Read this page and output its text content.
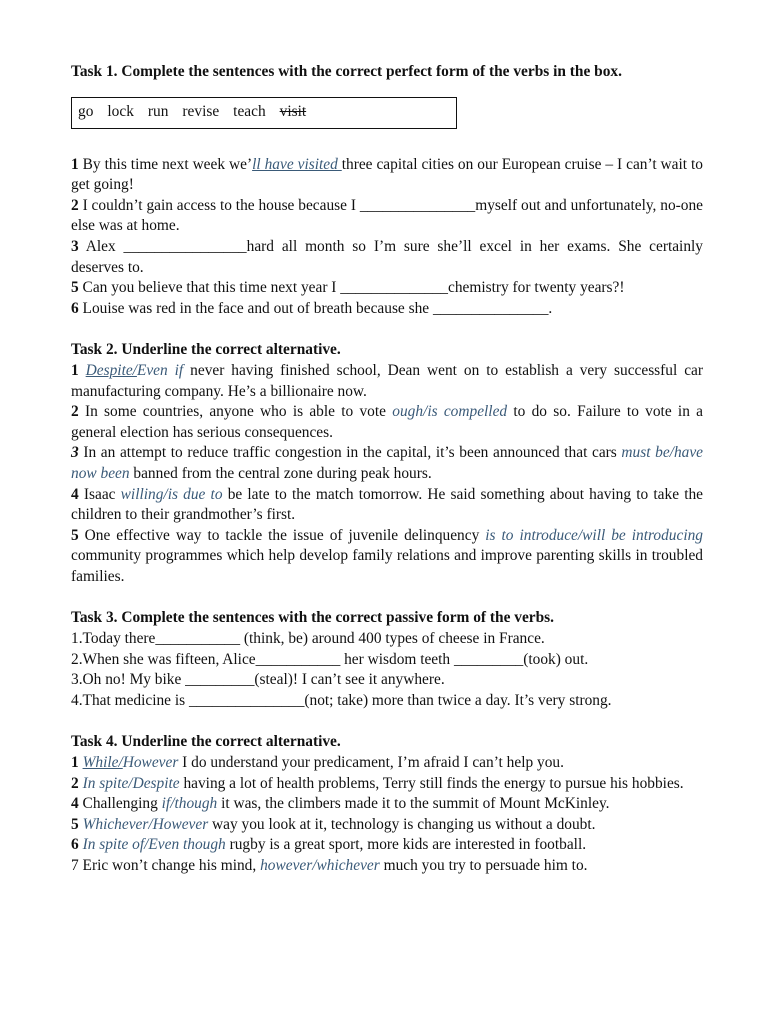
Task 1. Complete the sentences with the correct perfect form of the verbs in the box.

go lock run revise teach visit

1 By this time next week we’ll have visited three capital cities on our European cruise – I can’t wait to get going!

2 I couldn’t gain access to the house because I _______________myself out and unfortunately, no-one else was at home.

3 Alex ________________hard all month so I’m sure she’ll excel in her exams. She certainly deserves to.

5 Can you believe that this time next year I ______________chemistry for twenty years?!

6 Louise was red in the face and out of breath because she _______________.

Task 2. Underline the correct alternative.

1 Despite/Even if never having finished school, Dean went on to establish a very successful car manufacturing company. He’s a billionaire now.

2 In some countries, anyone who is able to vote ough/is compelled to do so. Failure to vote in a general election has serious consequences.

3 In an attempt to reduce traffic congestion in the capital, it’s been announced that cars must be/have now been banned from the central zone during peak hours.

4 Isaac willing/is due to be late to the match tomorrow. He said something about having to take the children to their grandmother’s first.

5 One effective way to tackle the issue of juvenile delinquency is to introduce/will be introducing community programmes which help develop family relations and improve parenting skills in troubled families.

Task 3. Complete the sentences with the correct passive form of the verbs.

1.Today there___________ (think, be) around 400 types of cheese in France.

2.When she was fifteen, Alice___________ her wisdom teeth _________(took) out.

3.Oh no! My bike _________(steal)! I can’t see it anywhere.

4.That medicine is _______________(not; take) more than twice a day. It’s very strong.

Task 4. Underline the correct alternative.

1 While/However I do understand your predicament, I’m afraid I can’t help you.

2 In spite/Despite having a lot of health problems, Terry still finds the energy to pursue his hobbies.

4 Challenging if/though it was, the climbers made it to the summit of Mount McKinley.

5 Whichever/However way you look at it, technology is changing us without a doubt.

6 In spite of/Even though rugby is a great sport, more kids are interested in football.

7 Eric won’t change his mind, however/whichever much you try to persuade him to.
